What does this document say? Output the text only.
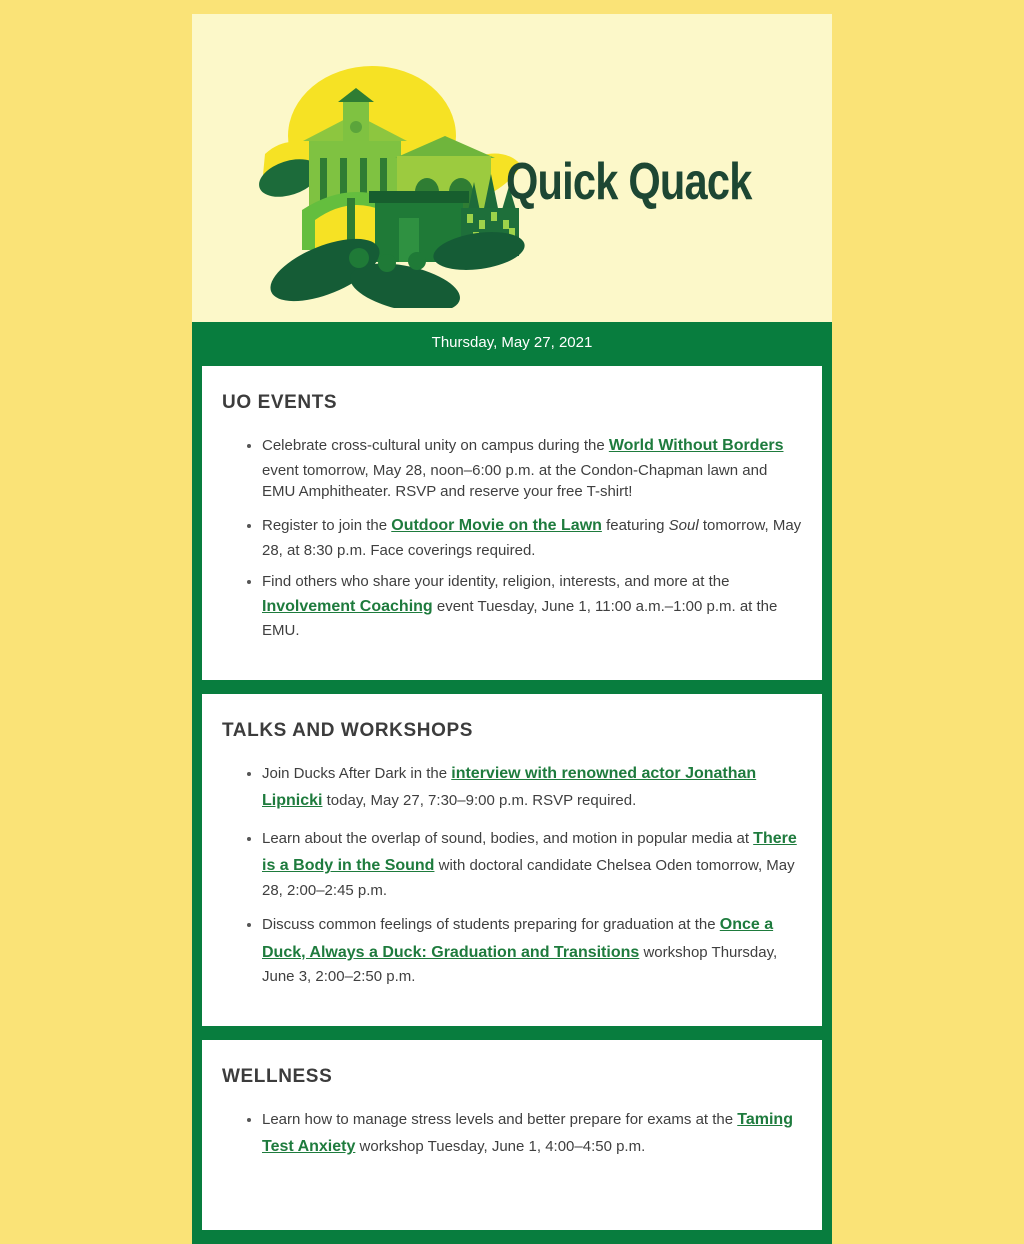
Quick Quack
Thursday, May 27, 2021
UO EVENTS
• Celebrate cross-cultural unity on campus during the World Without Borders event tomorrow, May 28, noon–6:00 p.m. at the Condon-Chapman lawn and EMU Amphitheater. RSVP and reserve your free T-shirt!
• Register to join the Outdoor Movie on the Lawn featuring Soul tomorrow, May 28, at 8:30 p.m. Face coverings required.
• Find others who share your identity, religion, interests, and more at the Involvement Coaching event Tuesday, June 1, 11:00 a.m.–1:00 p.m. at the EMU.
TALKS AND WORKSHOPS
• Join Ducks After Dark in the interview with renowned actor Jonathan Lipnicki today, May 27, 7:30–9:00 p.m. RSVP required.
• Learn about the overlap of sound, bodies, and motion in popular media at There is a Body in the Sound with doctoral candidate Chelsea Oden tomorrow, May 28, 2:00–2:45 p.m.
• Discuss common feelings of students preparing for graduation at the Once a Duck, Always a Duck: Graduation and Transitions workshop Thursday, June 3, 2:00–2:50 p.m.
WELLNESS
• Learn how to manage stress levels and better prepare for exams at the Taming Test Anxiety workshop Tuesday, June 1, 4:00–4:50 p.m.
